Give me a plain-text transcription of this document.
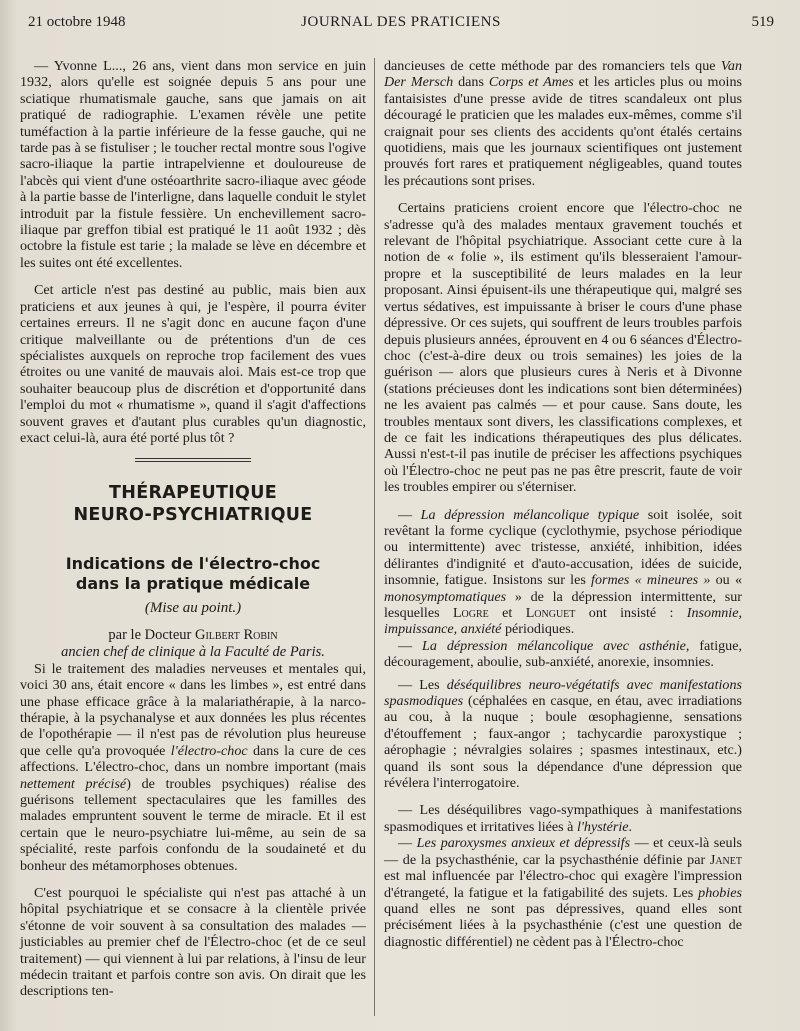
21 octobre 1948	JOURNAL DES PRATICIENS	519

— Yvonne L..., 26 ans, vient dans mon service en juin 1932, alors qu'elle est soignée depuis 5 ans pour une sciatique rhumatismale gauche, sans que jamais on ait pratiqué de radiographie. L'examen révèle une petite tuméfaction à la partie inférieure de la fesse gauche, qui ne tarde pas à se fistuliser ; le toucher rectal montre sous l'ogive sacro-iliaque la partie intrapelvienne et douloureuse de l'abcès qui vient d'une ostéoarthrite sacro-iliaque avec géode à la partie basse de l'interligne, dans laquelle conduit le stylet introduit par la fistule fessière. Un enchevillement sacro-iliaque par greffon tibial est pratiqué le 11 août 1932 ; dès octobre la fistule est tarie ; la malade se lève en décembre et les suites ont été excellentes.

Cet article n'est pas destiné au public, mais bien aux praticiens et aux jeunes à qui, je l'espère, il pourra éviter certaines erreurs. Il ne s'agit donc en aucune façon d'une critique malveillante ou de prétentions d'un de ces spécialistes auxquels on reproche trop facilement des vues étroites ou une vanité de mauvais aloi. Mais est-ce trop que souhaiter beaucoup plus de discrétion et d'opportunité dans l'emploi du mot « rhumatisme », quand il s'agit d'affections souvent graves et d'autant plus curables qu'un diagnostic, exact celui-là, aura été porté plus tôt ?

THÉRAPEUTIQUE
NEURO-PSYCHIATRIQUE
Indications de l'électro-choc
dans la pratique médicale
(Mise au point.)
par le Docteur Gilbert Robin
ancien chef de clinique à la Faculté de Paris.

Si le traitement des maladies nerveuses et mentales qui, voici 30 ans, était encore « dans les limbes », est entré dans une phase efficace grâce à la malariathérapie, à la narco-thérapie, à la psychanalyse et aux données les plus récentes de l'opothérapie — il n'est pas de révolution plus heureuse que celle qu'a provoquée l'électro-choc dans la cure de ces affections. L'électro-choc, dans un nombre important (mais nettement précisé) de troubles psychiques) réalise des guérisons tellement spectaculaires que les familles des malades empruntent souvent le terme de miracle. Et il est certain que le neuro-psychiatre lui-même, au sein de sa spécialité, reste parfois confondu de la soudaineté et du bonheur des métamorphoses obtenues.

C'est pourquoi le spécialiste qui n'est pas attaché à un hôpital psychiatrique et se consacre à la clientèle privée s'étonne de voir souvent à sa consultation des malades — justiciables au premier chef de l'Électro-choc (et de ce seul traitement) — qui viennent à lui par relations, à l'insu de leur médecin traitant et parfois contre son avis. On dirait que les descriptions ten-

dancieuses de cette méthode par des romanciers tels que Van Der Mersch dans Corps et Ames et les articles plus ou moins fantaisistes d'une presse avide de titres scandaleux ont plus découragé le praticien que les malades eux-mêmes, comme s'il craignait pour ses clients des accidents qu'ont étalés certains quotidiens, mais que les journaux scientifiques ont justement prouvés fort rares et pratiquement négligeables, quand toutes les précautions sont prises.

Certains praticiens croient encore que l'électro-choc ne s'adresse qu'à des malades mentaux gravement touchés et relevant de l'hôpital psychiatrique. Associant cette cure à la notion de « folie », ils estiment qu'ils blesseraient l'amour-propre et la susceptibilité de leurs malades en la leur proposant. Ainsi épuisent-ils une thérapeutique qui, malgré ses vertus sédatives, est impuissante à briser le cours d'une phase dépressive. Or ces sujets, qui souffrent de leurs troubles parfois depuis plusieurs années, éprouvent en 4 ou 6 séances d'Électro-choc (c'est-à-dire deux ou trois semaines) les joies de la guérison — alors que plusieurs cures à Neris et à Divonne (stations précieuses dont les indications sont bien déterminées) ne les avaient pas calmés — et pour cause. Sans doute, les troubles mentaux sont divers, les classifications complexes, et de ce fait les indications thérapeutiques des plus délicates. Aussi n'est-t-il pas inutile de préciser les affections psychiques où l'Électro-choc ne peut pas ne pas être prescrit, faute de voir les troubles empirer ou s'éterniser.

— La dépression mélancolique typique soit isolée, soit revêtant la forme cyclique (cyclothymie, psychose périodique ou intermittente) avec tristesse, anxiété, inhibition, idées délirantes d'indignité et d'auto-accusation, idées de suicide, insomnie, fatigue. Insistons sur les formes « mineures » ou « monosymptomatiques » de la dépression intermittente, sur lesquelles Logre et Longuet ont insisté : Insomnie, impuissance, anxiété périodiques.

— La dépression mélancolique avec asthénie, fatigue, découragement, aboulie, sub-anxiété, anorexie, insomnies.

— Les déséquilibres neuro-végétatifs avec manifestations spasmodiques (céphalées en casque, en étau, avec irradiations au cou, à la nuque ; boule œsophagienne, sensations d'étouffement ; faux-angor ; tachycardie paroxystique ; aérophagie ; névralgies solaires ; spasmes intestinaux, etc.) quand ils sont sous la dépendance d'une dépression que révélera l'interrogatoire.

— Les déséquilibres vago-sympathiques à manifestations spasmodiques et irritatives liées à l'hystérie.

— Les paroxysmes anxieux et dépressifs — et ceux-là seuls — de la psychasthénie, car la psychasthénie définie par Janet est mal influencée par l'électro-choc qui exagère l'impression d'étrangeté, la fatigue et la fatigabilité des sujets. Les phobies quand elles ne sont pas dépressives, quand elles sont précisément liées à la psychasthénie (c'est une question de diagnostic différentiel) ne cèdent pas à l'Électro-choc
